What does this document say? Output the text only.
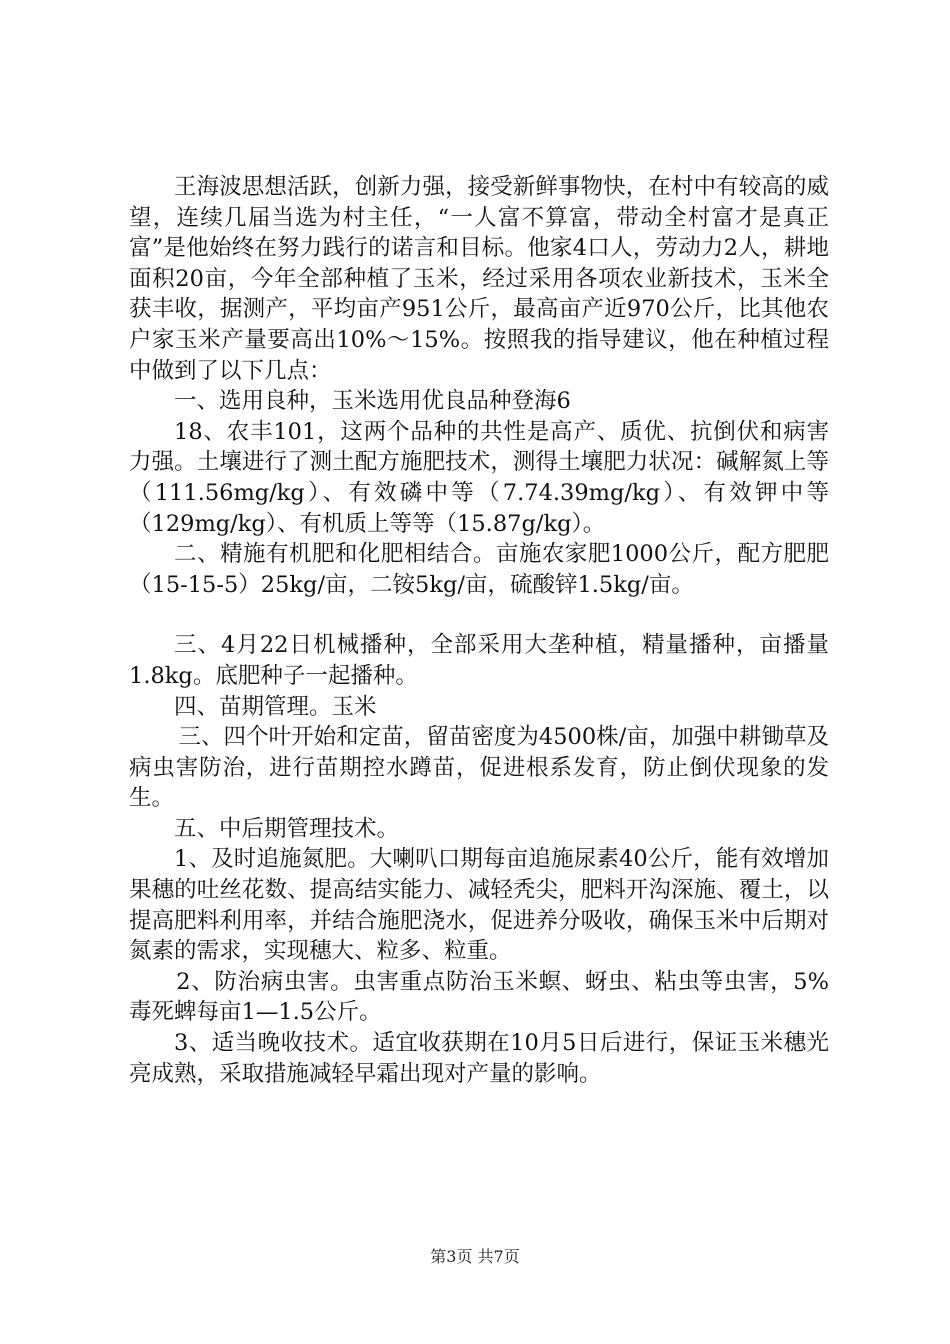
王海波思想活跃，创新力强，接受新鲜事物快，在村中有较高的威望，连续几届当选为村主任，“一人富不算富，带动全村富才是真正富”是他始终在努力践行的诺言和目标。他家4口人，劳动力2人，耕地面积20亩，今年全部种植了玉米，经过采用各项农业新技术，玉米全获丰收，据测产，平均亩产951公斤，最高亩产近970公斤，比其他农户家玉米产量要高出10%～15%。按照我的指导建议，他在种植过程中做到了以下几点：

一、选用良种，玉米选用优良品种登海6

18、农丰101，这两个品种的共性是高产、质优、抗倒伏和病害力强。土壤进行了测土配方施肥技术，测得土壤肥力状况：碱解氮上等（111.56mg/kg）、有效磷中等（7.74.39mg/kg）、有效钾中等（129mg/kg）、有机质上等等（15.87g/kg）。

二、精施有机肥和化肥相结合。亩施农家肥1000公斤，配方肥肥（15-15-5）25kg/亩，二铵5kg/亩，硫酸锌1.5kg/亩。

三、4月22日机械播种，全部采用大垄种植，精量播种，亩播量1.8kg。底肥种子一起播种。

四、苗期管理。玉米

三、四个叶开始和定苗，留苗密度为4500株/亩，加强中耕锄草及病虫害防治，进行苗期控水蹲苗，促进根系发育，防止倒伏现象的发生。

五、中后期管理技术。

1、及时追施氮肥。大喇叭口期每亩追施尿素40公斤，能有效增加果穗的吐丝花数、提高结实能力、减轻秃尖，肥料开沟深施、覆土，以提高肥料利用率，并结合施肥浇水，促进养分吸收，确保玉米中后期对氮素的需求，实现穗大、粒多、粒重。

2、防治病虫害。虫害重点防治玉米螟、蚜虫、粘虫等虫害，5%毒死蜱每亩1—1.5公斤。

3、适当晚收技术。适宜收获期在10月5日后进行，保证玉米穗光亮成熟，采取措施减轻早霜出现对产量的影响。

第3页 共7页
